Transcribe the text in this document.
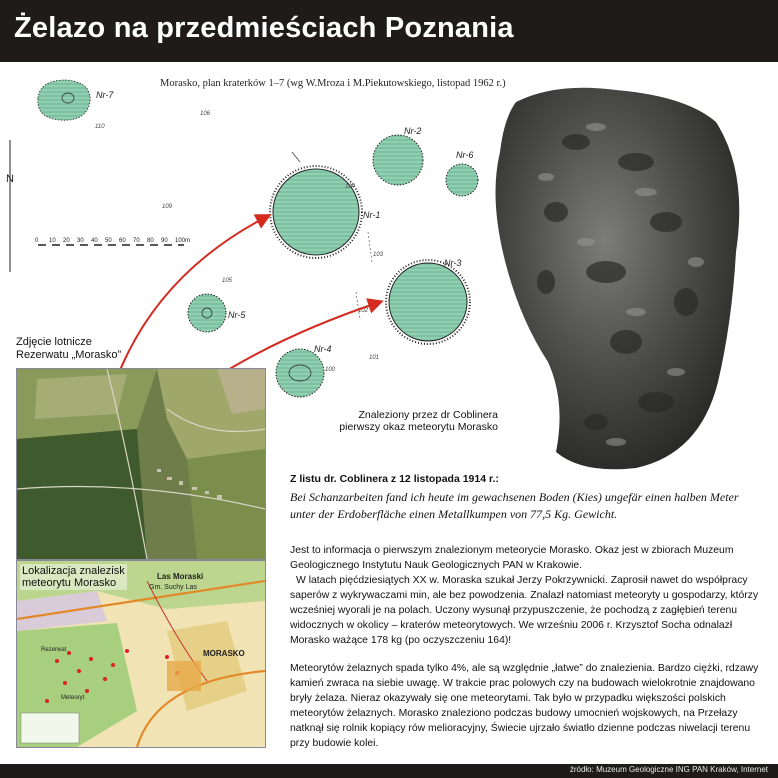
Żelazo na przedmieściach Poznania
Morasko, plan kraterków 1–7 (wg W.Mroza i M.Piekutowskiego, listopad 1962 r.)
N
0 10 20 30 40 50 60 70 80 90 100m
Nr-7
Nr-1
Nr-2
Nr-6
Nr-3
Nr-4
Nr-5
101
100
102
103
104
105
106
109
110
Znaleziony przez dr Coblinera
pierwszy okaz meteorytu Morasko
Zdjęcie lotnicze
Rezerwatu „Morasko”
Las Moraski
Gm. Suchy Las
MORASKO
Rezerwat
Meteoryt
Lokalizacja znalezisk
meteorytu Morasko
Z listu dr. Coblinera z 12 listopada 1914 r.:
Bei Schanzarbeiten fand ich heute im gewachsenen Boden (Kies) ungefär einen halben Meter unter der Erdoberfläche einen Metallkumpen von 77,5 Kg. Gewicht.

Jest to informacja o pierwszym znalezionym meteorycie Morasko. Okaz jest w zbiorach Muzeum Geologicznego Instytutu Nauk Geologicznych PAN w Krakowie.

W latach pięćdziesiątych XX w. Moraska szukał Jerzy Pokrzywnicki. Zaprosił nawet do współpracy saperów z wykrywaczami min, ale bez powodzenia. Znalazł natomiast meteoryty u gospodarzy, którzy wcześniej wyorali je na polach. Uczony wysunął przypuszczenie, że pochodzą z zagłębień terenu widocznych w okolicy – kraterów meteorytowych. We wrześniu 2006 r. Krzysztof Socha odnalazł Morasko ważące 178 kg (po oczyszczeniu 164)!

Meteorytów żelaznych spada tylko 4%, ale są względnie „łatwe” do znalezienia. Bardzo ciężki, rdzawy kamień zwraca na siebie uwagę. W trakcie prac polowych czy na budowach wielokrotnie znajdowano bryły żelaza. Nieraz okazywały się one meteorytami. Tak było w przypadku większości polskich meteorytów żelaznych. Morasko znaleziono podczas budowy umocnień wojskowych, na Przełazy natknął się rolnik kopiący rów melioracyjny, Świecie ujrzało światło dzienne podczas niwelacji terenu przy budowie kolei.

źródło: Muzeum Geologiczne ING PAN Kraków, Internet
